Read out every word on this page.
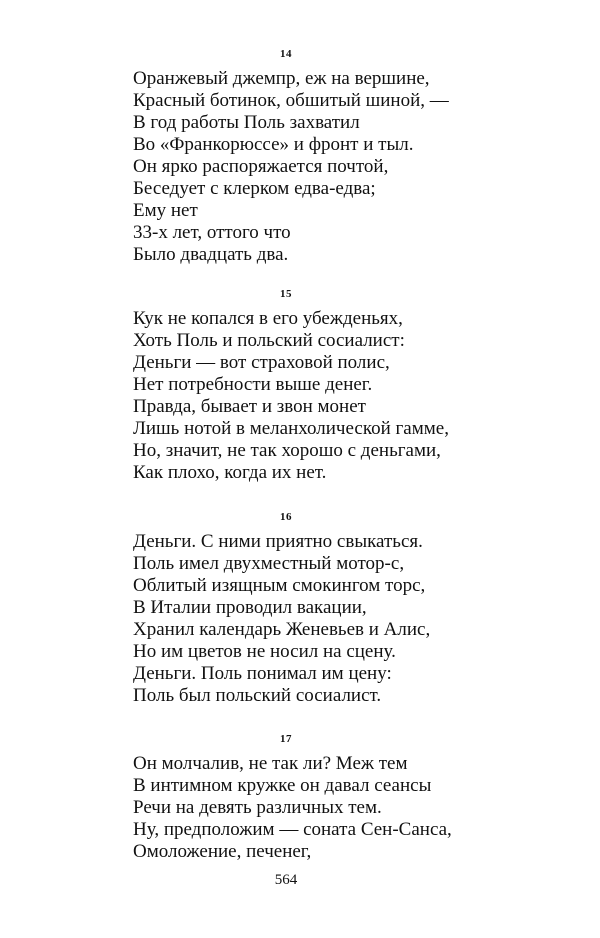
14
Оранжевый джемпр, еж на вершине,
Красный ботинок, обшитый шиной, —
В год работы Поль захватил
Во «Франкорюссе» и фронт и тыл.
Он ярко распоряжается почтой,
Беседует с клерком едва-едва;
Ему нет
33-х лет, оттого что
Было двадцать два.
15
Кук не копался в его убежденьях,
Хоть Поль и польский сосиалист:
Деньги — вот страховой полис,
Нет потребности выше денег.
Правда, бывает и звон монет
Лишь нотой в меланхолической гамме,
Но, значит, не так хорошо с деньгами,
Как плохо, когда их нет.
16
Деньги. С ними приятно свыкаться.
Поль имел двухместный мотор-с,
Облитый изящным смокингом торс,
В Италии проводил вакации,
Хранил календарь Женевьев и Алис,
Но им цветов не носил на сцену.
Деньги. Поль понимал им цену:
Поль был польский сосиалист.
17
Он молчалив, не так ли? Меж тем
В интимном кружке он давал сеансы
Речи на девять различных тем.
Ну, предположим — соната Сен-Санса,
Омоложение, печенег,
564
